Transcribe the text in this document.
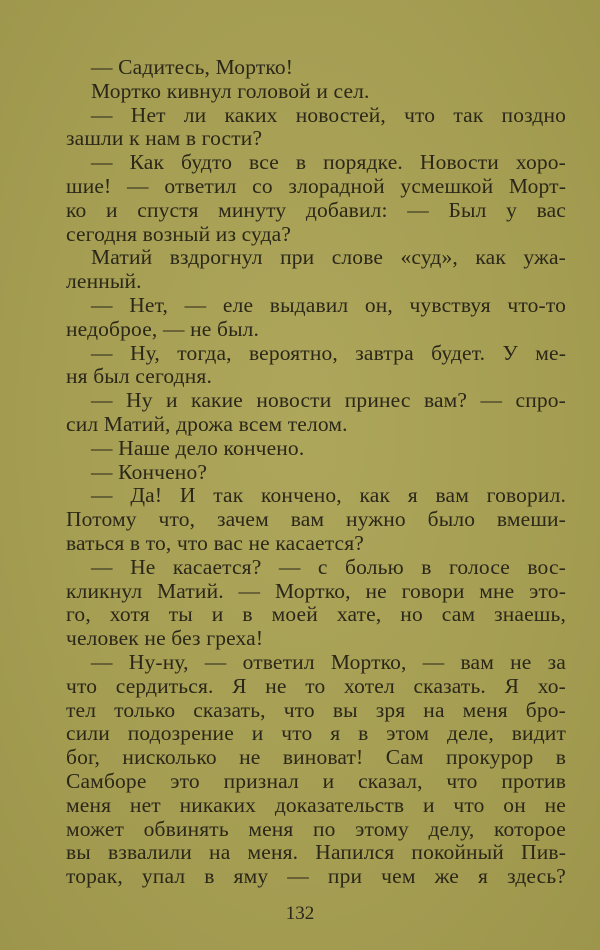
— Садитесь, Мортко!
Мортко кивнул головой и сел.
— Нет ли каких новостей, что так поздно
зашли к нам в гости?
— Как будто все в порядке. Новости хоро-
шие! — ответил со злорадной усмешкой Морт-
ко и спустя минуту добавил: — Был у вас
сегодня возный из суда?
Матий вздрогнул при слове «суд», как ужа-
ленный.
— Нет, — еле выдавил он, чувствуя что-то
недоброе, — не был.
— Ну, тогда, вероятно, завтра будет. У ме-
ня был сегодня.
— Ну и какие новости принес вам? — спро-
сил Матий, дрожа всем телом.
— Наше дело кончено.
— Кончено?
— Да! И так кончено, как я вам говорил.
Потому что, зачем вам нужно было вмеши-
ваться в то, что вас не касается?
— Не касается? — с болью в голосе вос-
кликнул Матий. — Мортко, не говори мне это-
го, хотя ты и в моей хате, но сам знаешь,
человек не без греха!
— Ну-ну, — ответил Мортко, — вам не за
что сердиться. Я не то хотел сказать. Я хо-
тел только сказать, что вы зря на меня бро-
сили подозрение и что я в этом деле, видит
бог, нисколько не виноват! Сам прокурор в
Самборе это признал и сказал, что против
меня нет никаких доказательств и что он не
может обвинять меня по этому делу, которое
вы взвалили на меня. Напился покойный Пив-
торак, упал в яму — при чем же я здесь?
132
